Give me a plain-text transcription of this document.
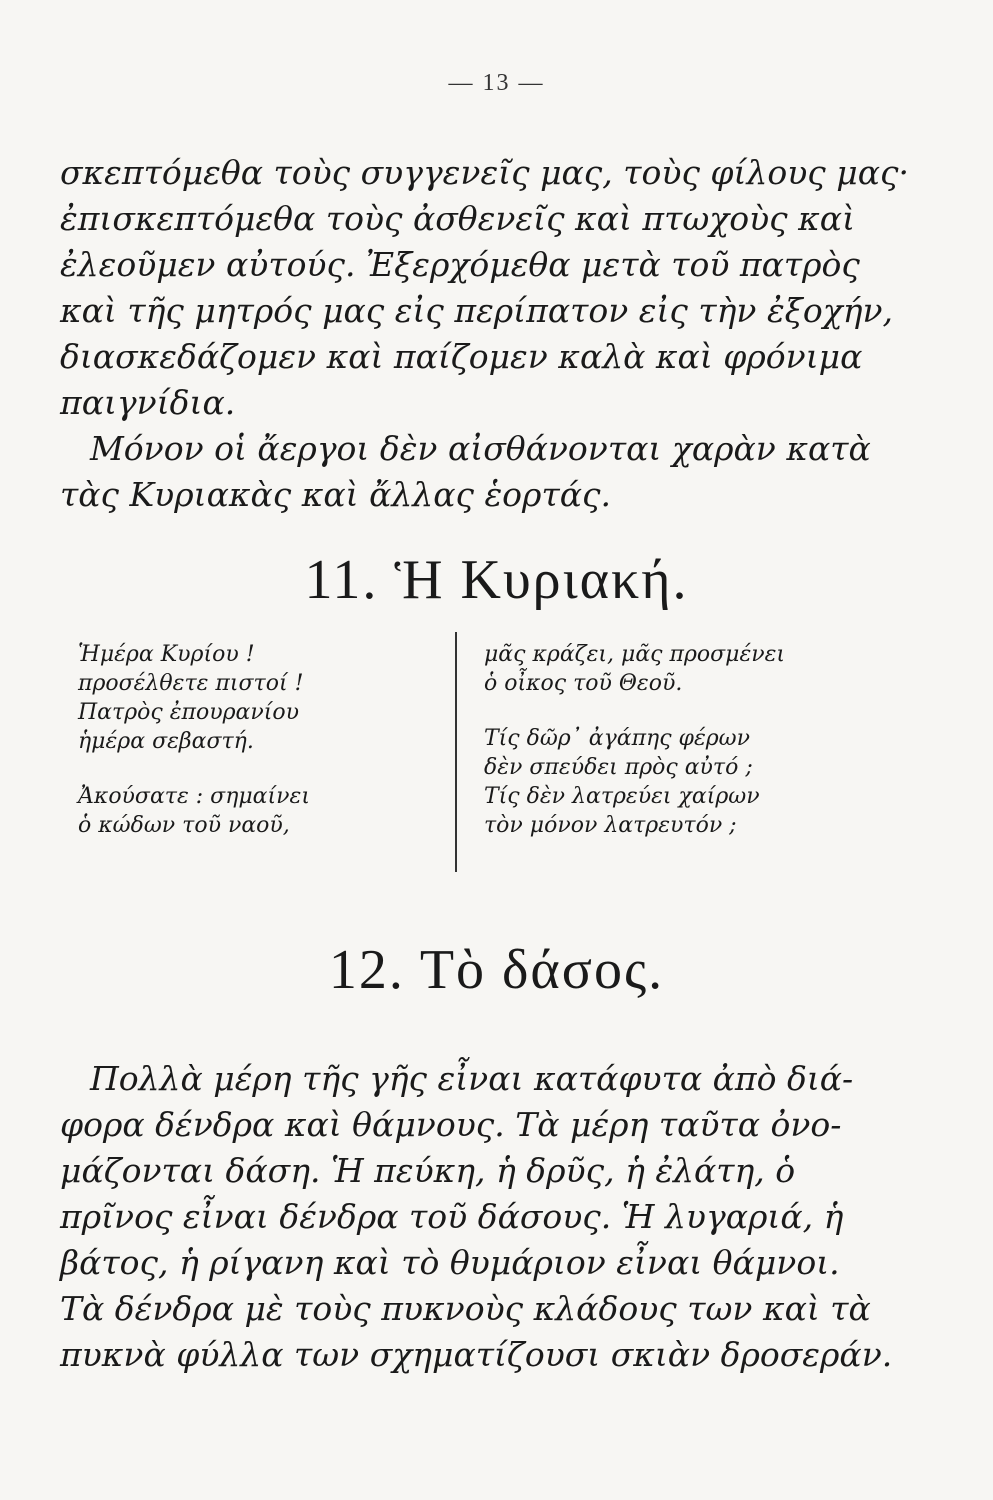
— 13 —
σκεπτόμεθα τοὺς συγγενεῖς μας, τοὺς φίλους μας·
ἐπισκεπτόμεθα τοὺς ἀσθενεῖς καὶ πτωχοὺς καὶ
ἐλεοῦμεν αὐτούς. Ἐξερχόμεθα μετὰ τοῦ πατρὸς
καὶ τῆς μητρός μας εἰς περίπατον εἰς τὴν ἐξοχήν,
διασκεδάζομεν καὶ παίζομεν καλὰ καὶ φρόνιμα
παιγνίδια.
Μόνον οἱ ἄεργοι δὲν αἰσθάνονται χαρὰν κατὰ
τὰς Κυριακὰς καὶ ἄλλας ἑορτάς.
11. Ἡ Κυριακή.
Ἡμέρα Κυρίου !
προσέλθετε πιστοί !
Πατρὸς ἐπουρανίου
ἡμέρα σεβαστή.
Ἀκούσατε : σημαίνει
ὁ κώδων τοῦ ναοῦ,
μᾶς κράζει, μᾶς προσμένει
ὁ οἶκος τοῦ Θεοῦ.
Τίς δῶρ᾽ ἀγάπης φέρων
δὲν σπεύδει πρὸς αὐτό ;
Τίς δὲν λατρεύει χαίρων
τὸν μόνον λατρευτόν ;
12. Τὸ δάσος.
Πολλὰ μέρη τῆς γῆς εἶναι κατάφυτα ἀπὸ διά-
φορα δένδρα καὶ θάμνους. Τὰ μέρη ταῦτα ὀνο-
μάζονται δάση. Ἡ πεύκη, ἡ δρῦς, ἡ ἐλάτη, ὁ
πρῖνος εἶναι δένδρα τοῦ δάσους. Ἡ λυγαριά, ἡ
βάτος, ἡ ρίγανη καὶ τὸ θυμάριον εἶναι θάμνοι.
Τὰ δένδρα μὲ τοὺς πυκνοὺς κλάδους των καὶ τὰ
πυκνὰ φύλλα των σχηματίζουσι σκιὰν δροσεράν.
